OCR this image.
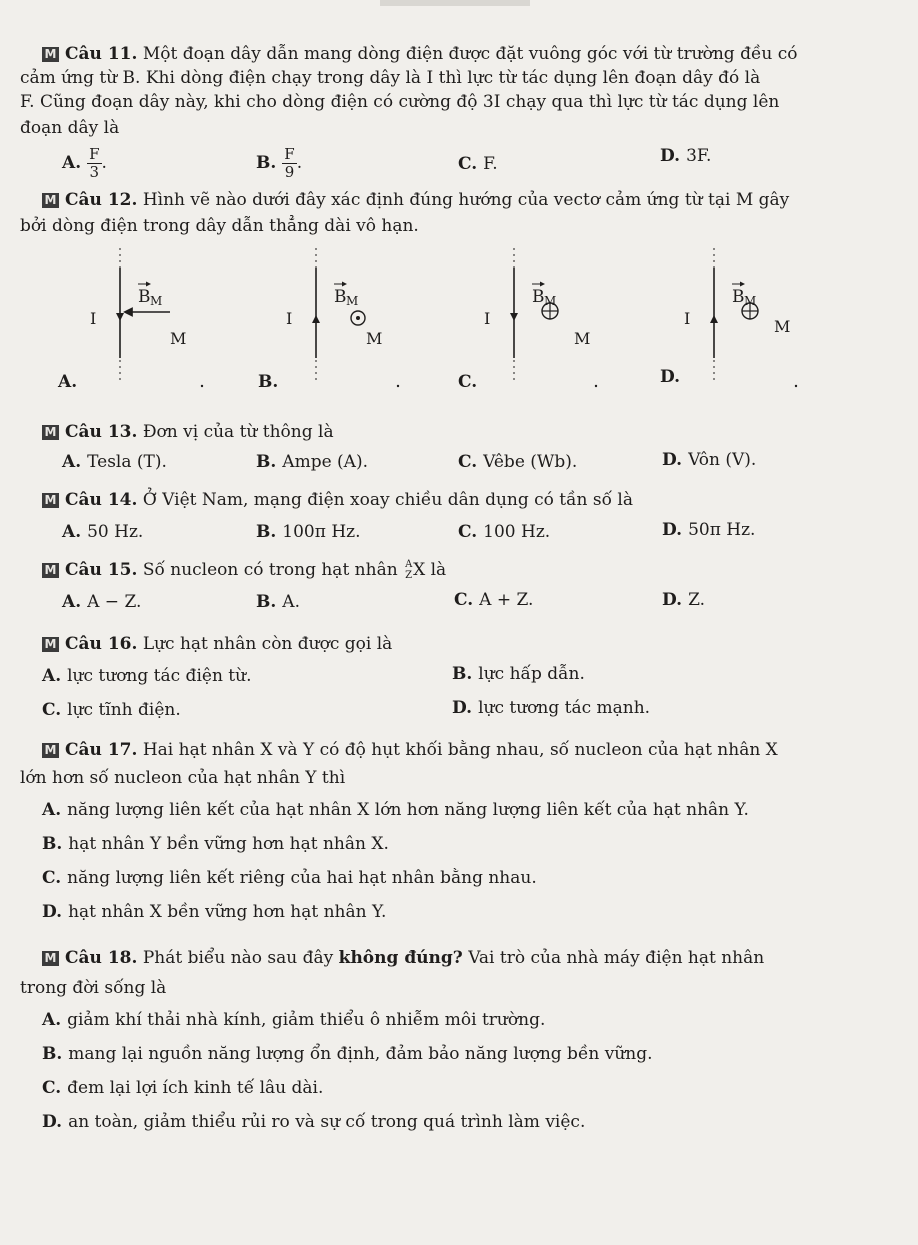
M Câu 11. Một đoạn dây dẫn mang dòng điện được đặt vuông góc với từ trường đều có
cảm ứng từ B. Khi dòng điện chạy trong dây là I thì lực từ tác dụng lên đoạn dây đó là
F. Cũng đoạn dây này, khi cho dòng điện có cường độ 3I chạy qua thì lực từ tác dụng lên
đoạn dây là
A. $\frac{F}{3}$ .	B. $\frac{F}{9}$ .	C. F.	D. 3F.
M Câu 12. Hình vẽ nào dưới đây xác định đúng hướng của vectơ cảm ứng từ tại M gây
bởi dòng điện trong dây dẫn thẳng dài vô hạn.
I
B M
M
I
B M
M
I
B M
M
I
B M
M
A.	B.	C.	D.
M Câu 13. Đơn vị của từ thông là
A. Tesla (T).	B. Ampe (A).	C. Vêbe (Wb).	D. Vôn (V).
M Câu 14. Ở Việt Nam, mạng điện xoay chiều dân dụng có tần số là
A. 50 Hz.	B. 100π Hz.	C. 100 Hz.	D. 50π Hz.
M Câu 15. Số nucleon có trong hạt nhân A
Z X là
A. A − Z.	B. A.	C. A + Z.	D. Z.
M Câu 16. Lực hạt nhân còn được gọi là
A. lực tương tác điện từ.	B. lực hấp dẫn.
C. lực tĩnh điện.	D. lực tương tác mạnh.
M Câu 17. Hai hạt nhân X và Y có độ hụt khối bằng nhau, số nucleon của hạt nhân X
lớn hơn số nucleon của hạt nhân Y thì
A. năng lượng liên kết của hạt nhân X lớn hơn năng lượng liên kết của hạt nhân Y.
B. hạt nhân Y bền vững hơn hạt nhân X.
C. năng lượng liên kết riêng của hai hạt nhân bằng nhau.
D. hạt nhân X bền vững hơn hạt nhân Y.
M Câu 18. Phát biểu nào sau đây không đúng? Vai trò của nhà máy điện hạt nhân
trong đời sống là
A. giảm khí thải nhà kính, giảm thiểu ô nhiễm môi trường.
B. mang lại nguồn năng lượng ổn định, đảm bảo năng lượng bền vững.
C. đem lại lợi ích kinh tế lâu dài.
D. an toàn, giảm thiểu rủi ro và sự cố trong quá trình làm việc.
